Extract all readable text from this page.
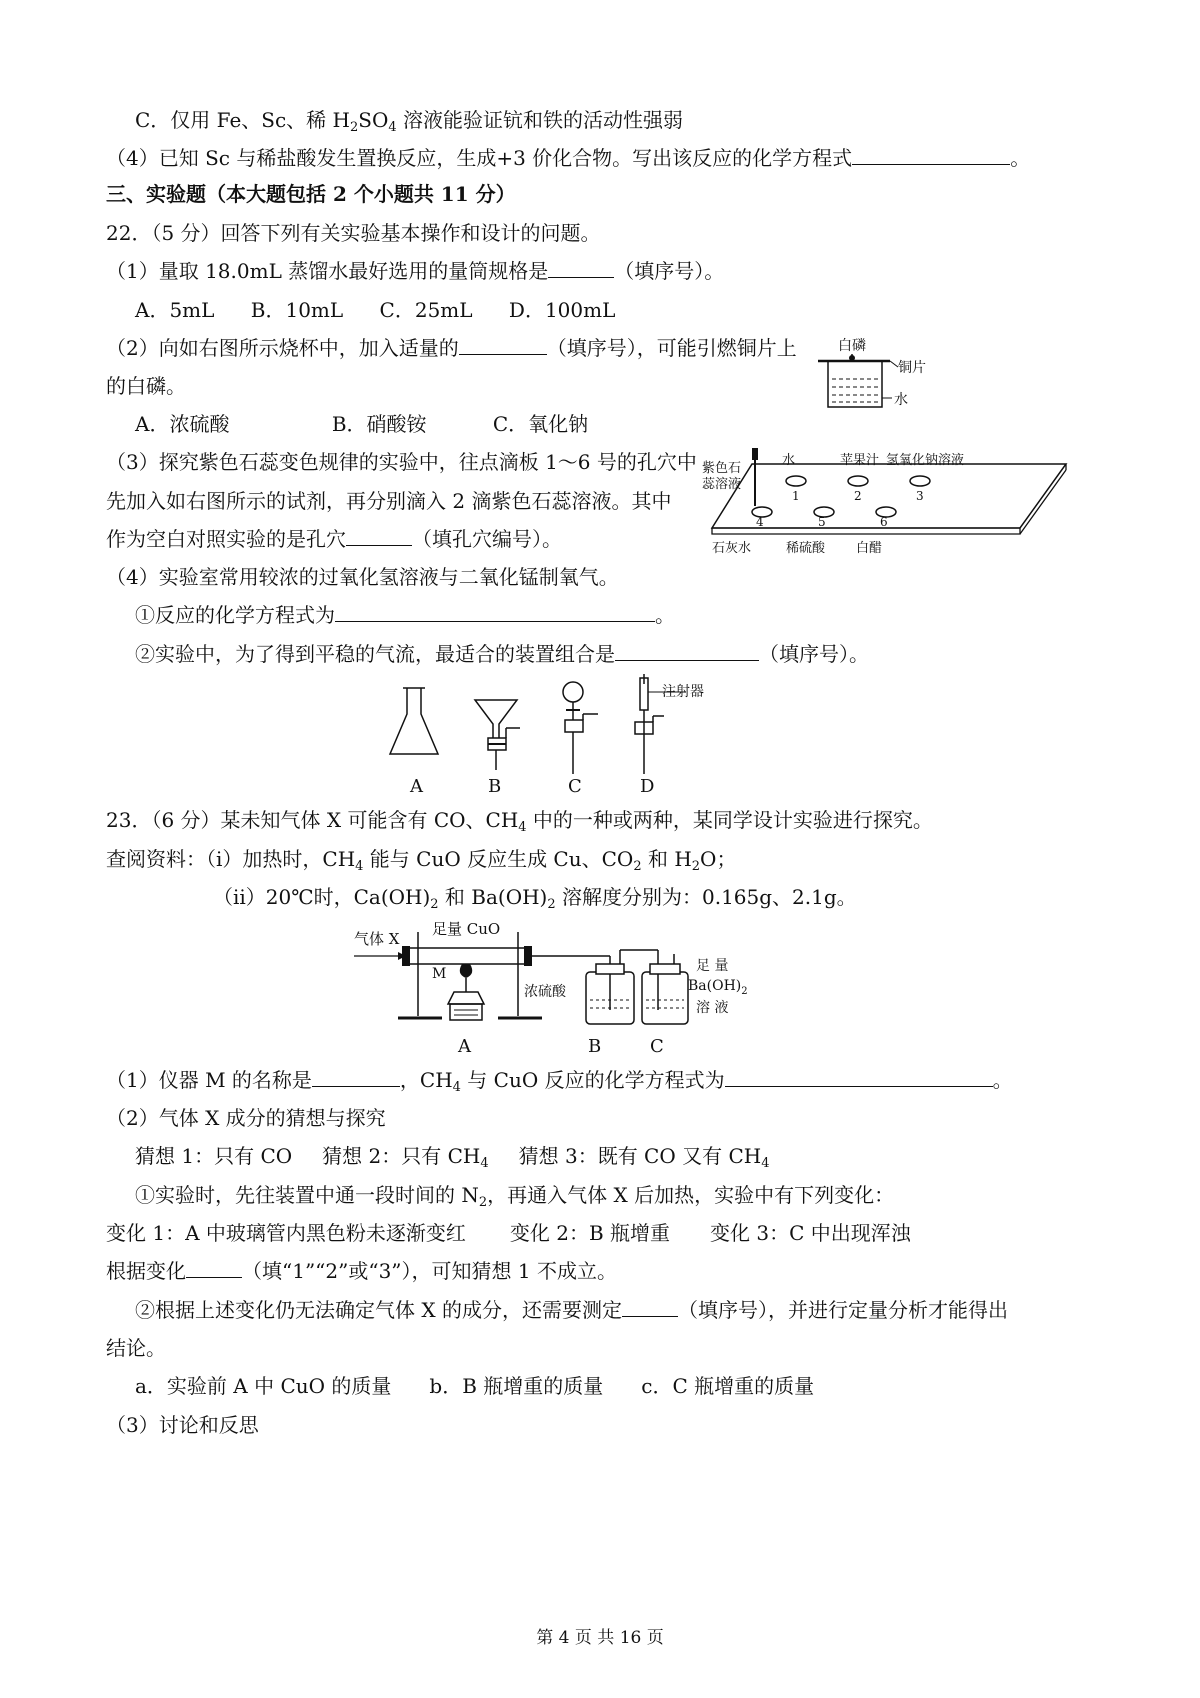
C．仅用 Fe、Sc、稀 $H_2SO_4$ 溶液能验证钪和铁的活动性强弱
（4）已知 Sc 与稀盐酸发生置换反应，生成+3 价化合物。写出该反应的化学方程式	。
三、实验题（本大题包括 2 个小题共 11 分）
22．（5 分）回答下列有关实验基本操作和设计的问题。
（1）量取 18.0mL 蒸馏水最好选用的量筒规格是	（填序号）。
A．5mL B．10mL C．25mL D．100mL
（2）向如右图所示烧杯中，加入适量的	（填序号），可能引燃铜片上
的白磷。
A．浓硫酸	B．硝酸铵	C．氧化钠
白磷
铜片
水
（3）探究紫色石蕊变色规律的实验中，往点滴板 1～6 号的孔穴中
先加入如右图所示的试剂，再分别滴入 2 滴紫色石蕊溶液。其中
作为空白对照实验的是孔穴	（填孔穴编号）。
紫色石
蕊溶液
1	2	3
4	5	6
水	苹果汁 氢氧化钠溶液
石灰水	稀硫酸 白醋
（4）实验室常用较浓的过氧化氢溶液与二氧化锰制氧气。
①反应的化学方程式为	。
②实验中，为了得到平稳的气流，最适合的装置组合是	（填序号）。
注射器
A	B	C	D
23．（6 分）某未知气体 X 可能含有 CO、$CH_4$ 中的一种或两种，某同学设计实验进行探究。
查阅资料：（ⅰ）加热时，$CH_4$ 能与 CuO 反应生成 Cu、$CO_2$ 和 $H_2O$；
（ⅱ）20℃时，$Ca(OH)_2$ 和 $Ba(OH)_2$ 溶解度分别为：0.165g、2.1g。
气体 X
足量 CuO
M
浓硫酸
足 量
$Ba(OH)_2$
溶 液
A	B	C
（1）仪器 M 的名称是	，$CH_4$ 与 CuO 反应的化学方程式为	。
（2）气体 X 成分的猜想与探究
猜想 1：只有 CO 猜想 2：只有 $CH_4$ 猜想 3：既有 CO 又有 $CH_4$
①实验时，先往装置中通一段时间的 $N_2$，再通入气体 X 后加热，实验中有下列变化：
变化 1：A 中玻璃管内黑色粉未逐渐变红 变化 2：B 瓶增重 变化 3：C 中出现浑浊
根据变化	（填“1”“2”或“3”），可知猜想 1 不成立。
②根据上述变化仍无法确定气体 X 的成分，还需要测定	（填序号），并进行定量分析才能得出
结论。
a．实验前 A 中 CuO 的质量 b．B 瓶增重的质量 c．C 瓶增重的质量
（3）讨论和反思
第 4 页 共 16 页
